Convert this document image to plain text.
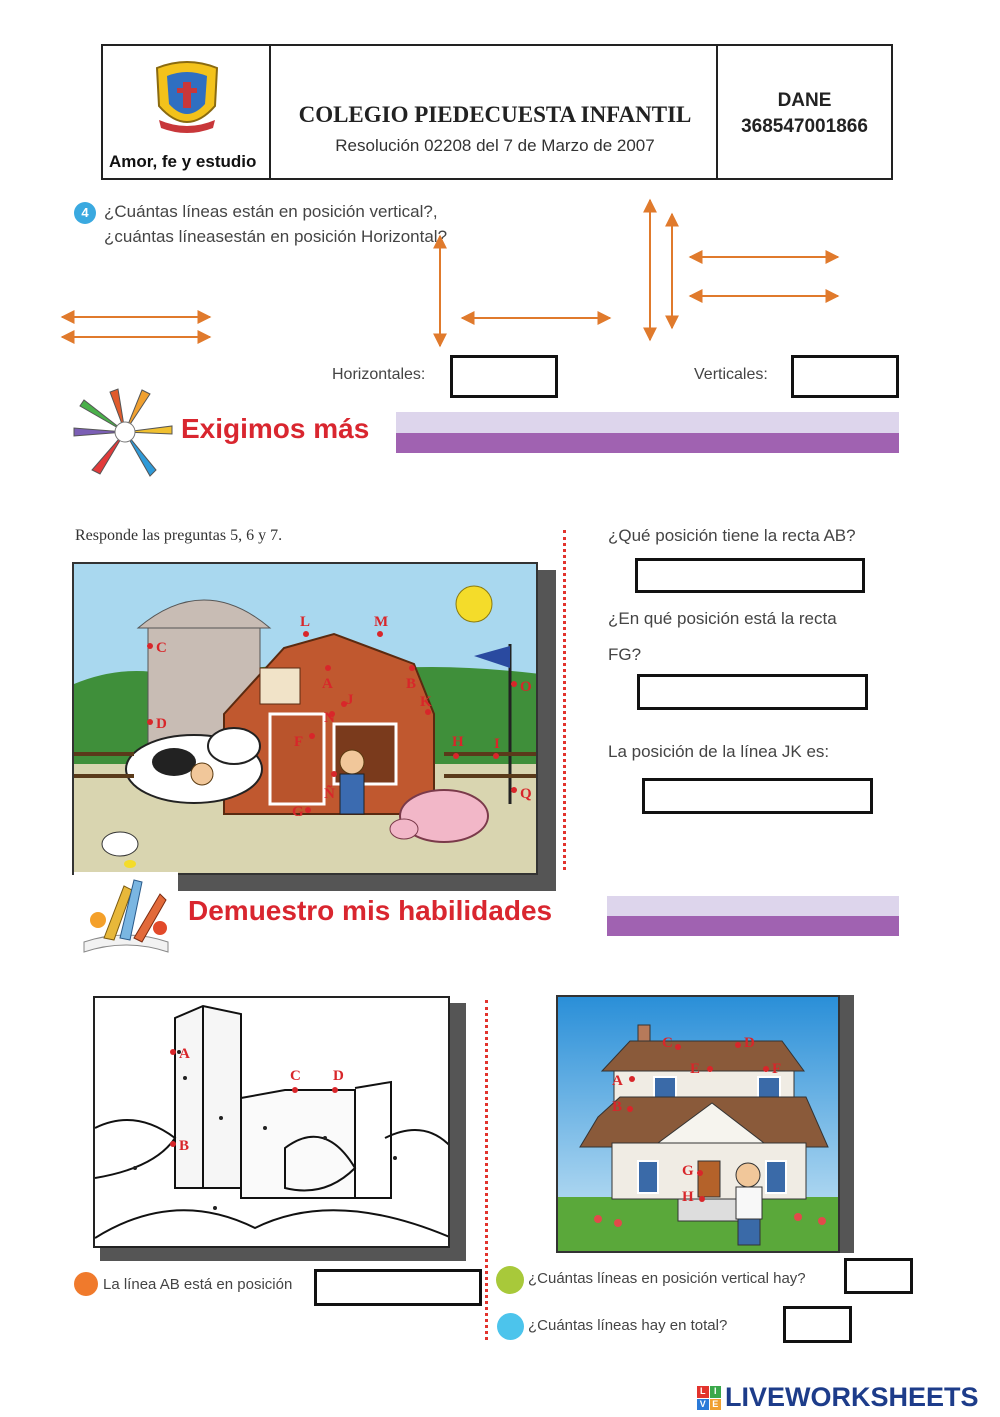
Amor, fe y estudio
COLEGIO PIEDECUESTA INFANTIL
Resolución 02208 del 7 de Marzo de 2007
DANE
368547001866
4 ¿Cuántas líneas están en posición vertical?,
¿cuántas líneasestán en posición Horizontal?
Horizontales:	Verticales:
Exigimos más
Responde las preguntas 5, 6 y 7.
C
L	M
A	B
J	K
O
D	N
F	H I
G
Ñ	Q
¿Qué posición tiene la recta AB?
¿En qué posición está la recta
FG?
La posición de la línea JK es:
Demuestro mis habilidades
A
B
C D
La línea AB está en posición
C	D
A
E	F
B
G
H
¿Cuántas líneas en posición vertical hay?
¿Cuántas líneas hay en total?
L I
V E LIVEWORKSHEETS
